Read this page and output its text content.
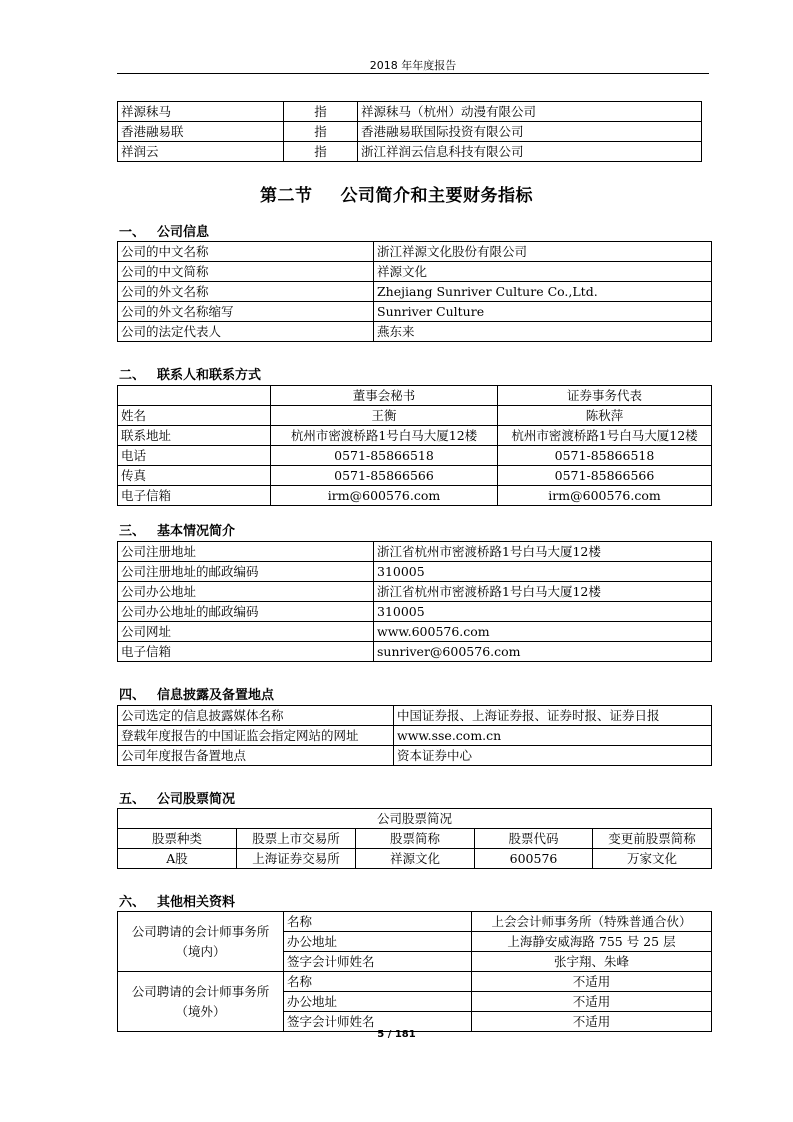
2018 年年度报告
祥源秣马	指	祥源秣马（杭州）动漫有限公司
香港融易联	指	香港融易联国际投资有限公司
祥润云	指	浙江祥润云信息科技有限公司
第二节 公司简介和主要财务指标
一、 公司信息
公司的中文名称	浙江祥源文化股份有限公司
公司的中文简称	祥源文化
公司的外文名称	Zhejiang Sunriver Culture Co.,Ltd.
公司的外文名称缩写	Sunriver Culture
公司的法定代表人	燕东来
二、 联系人和联系方式
	董事会秘书	证券事务代表
姓名	王衡	陈秋萍
联系地址	杭州市密渡桥路1号白马大厦12楼	杭州市密渡桥路1号白马大厦12楼
电话	0571-85866518	0571-85866518
传真	0571-85866566	0571-85866566
电子信箱	irm@600576.com	irm@600576.com
三、 基本情况简介
公司注册地址	浙江省杭州市密渡桥路1号白马大厦12楼
公司注册地址的邮政编码	310005
公司办公地址	浙江省杭州市密渡桥路1号白马大厦12楼
公司办公地址的邮政编码	310005
公司网址	www.600576.com
电子信箱	sunriver@600576.com
四、 信息披露及备置地点
公司选定的信息披露媒体名称	中国证券报、上海证券报、证券时报、证券日报
登载年度报告的中国证监会指定网站的网址	www.sse.com.cn
公司年度报告备置地点	资本证券中心
五、 公司股票简况
公司股票简况				
股票种类	股票上市交易所	股票简称	股票代码	变更前股票简称
A股	上海证券交易所	祥源文化	600576	万家文化
六、 其他相关资料
公司聘请的会计师事务所（境内）	名称	上会会计师事务所（特殊普通合伙）
	办公地址	上海静安威海路 755 号 25 层
	签字会计师姓名	张宇翔、朱峰
公司聘请的会计师事务所（境外）	名称	不适用
	办公地址	不适用
	签字会计师姓名	不适用
5 / 181
